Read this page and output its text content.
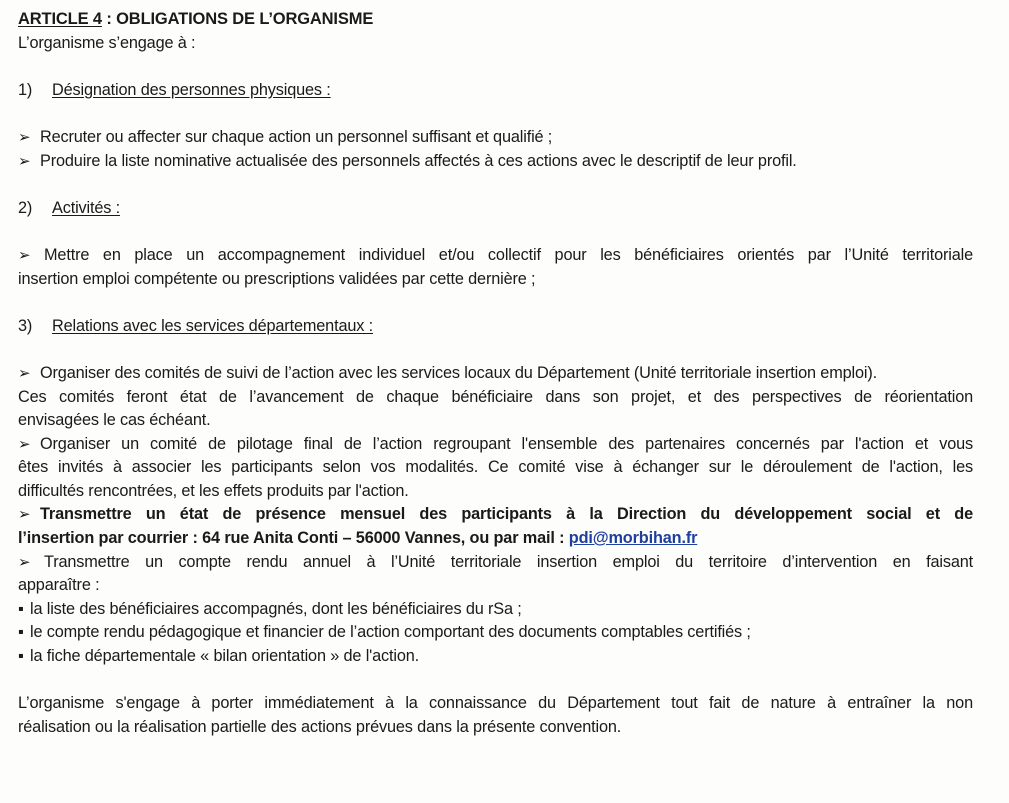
ARTICLE 4 : OBLIGATIONS DE L’ORGANISME
L’organisme s’engage à :
1) Désignation des personnes physiques :
➢ Recruter ou affecter sur chaque action un personnel suffisant et qualifié ;
➢ Produire la liste nominative actualisée des personnels affectés à ces actions avec le descriptif de leur profil.
2) Activités :
➢ Mettre en place un accompagnement individuel et/ou collectif pour les bénéficiaires orientés par l’Unité territoriale
insertion emploi compétente ou prescriptions validées par cette dernière ;
3) Relations avec les services départementaux :
➢ Organiser des comités de suivi de l’action avec les services locaux du Département (Unité territoriale insertion emploi).
Ces comités feront état de l’avancement de chaque bénéficiaire dans son projet, et des perspectives de réorientation
envisagées le cas échéant.
➢ Organiser un comité de pilotage final de l’action regroupant l'ensemble des partenaires concernés par l'action et vous
êtes invités à associer les participants selon vos modalités. Ce comité vise à échanger sur le déroulement de l'action, les
difficultés rencontrées, et les effets produits par l'action.
➢ Transmettre un état de présence mensuel des participants à la Direction du développement social et de
l’insertion par courrier : 64 rue Anita Conti – 56000 Vannes, ou par mail : pdi@morbihan.fr
➢ Transmettre un compte rendu annuel à l’Unité territoriale insertion emploi du territoire d’intervention en faisant
apparaître :
▪ la liste des bénéficiaires accompagnés, dont les bénéficiaires du rSa ;
▪ le compte rendu pédagogique et financier de l’action comportant des documents comptables certifiés ;
▪ la fiche départementale « bilan orientation » de l'action.
L’organisme s'engage à porter immédiatement à la connaissance du Département tout fait de nature à entraîner la non
réalisation ou la réalisation partielle des actions prévues dans la présente convention.
